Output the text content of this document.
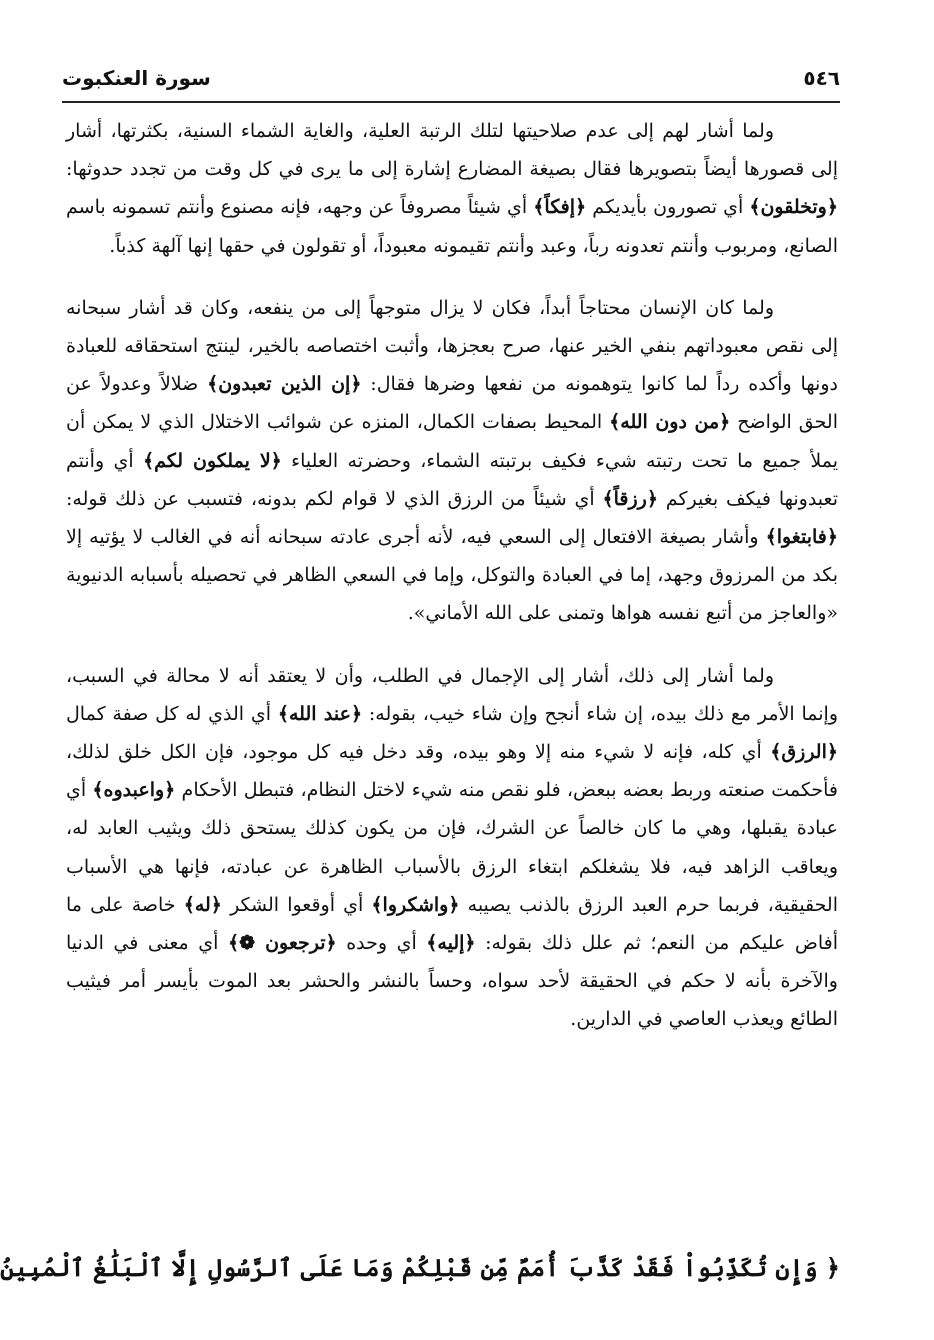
٥٤٦
سورة العنكبوت

ولما أشار لهم إلى عدم صلاحيتها لتلك الرتبة العلية، والغاية الشماء السنية، بكثرتها، أشار إلى قصورها أيضاً بتصويرها فقال بصيغة المضارع إشارة إلى ما يرى في كل وقت من تجدد حدوثها: ﴿وتخلقون﴾ أي تصورون بأيديكم ﴿إفكاً﴾ أي شيئاً مصروفاً عن وجهه، فإنه مصنوع وأنتم تسمونه باسم الصانع، ومربوب وأنتم تعدونه رباً، وعبد وأنتم تقيمونه معبوداً، أو تقولون في حقها إنها آلهة كذباً.

ولما كان الإنسان محتاجاً أبداً، فكان لا يزال متوجهاً إلى من ينفعه، وكان قد أشار سبحانه إلى نقص معبوداتهم بنفي الخير عنها، صرح بعجزها، وأثبت اختصاصه بالخير، لينتج استحقاقه للعبادة دونها وأكده رداً لما كانوا يتوهمونه من نفعها وضرها فقال: ﴿إن الذين تعبدون﴾ ضلالاً وعدولاً عن الحق الواضح ﴿من دون الله﴾ المحيط بصفات الكمال، المنزه عن شوائب الاختلال الذي لا يمكن أن يملأ جميع ما تحت رتبته شيء فكيف برتبته الشماء، وحضرته العلياء ﴿لا يملكون لكم﴾ أي وأنتم تعبدونها فيكف بغيركم ﴿رزقاً﴾ أي شيئاً من الرزق الذي لا قوام لكم بدونه، فتسبب عن ذلك قوله: ﴿فابتغوا﴾ وأشار بصيغة الافتعال إلى السعي فيه، لأنه أجرى عادته سبحانه أنه في الغالب لا يؤتيه إلا بكد من المرزوق وجهد، إما في العبادة والتوكل، وإما في السعي الظاهر في تحصيله بأسبابه الدنيوية «والعاجز من أتبع نفسه هواها وتمنى على الله الأماني».

ولما أشار إلى ذلك، أشار إلى الإجمال في الطلب، وأن لا يعتقد أنه لا محالة في السبب، وإنما الأمر مع ذلك بيده، إن شاء أنجح وإن شاء خيب، بقوله: ﴿عند الله﴾ أي الذي له كل صفة كمال ﴿الرزق﴾ أي كله، فإنه لا شيء منه إلا وهو بيده، وقد دخل فيه كل موجود، فإن الكل خلق لذلك، فأحكمت صنعته وربط بعضه ببعض، فلو نقص منه شيء لاختل النظام، فتبطل الأحكام ﴿واعبدوه﴾ أي عبادة يقبلها، وهي ما كان خالصاً عن الشرك، فإن من يكون كذلك يستحق ذلك ويثيب العابد له، ويعاقب الزاهد فيه، فلا يشغلكم ابتغاء الرزق بالأسباب الظاهرة عن عبادته، فإنها هي الأسباب الحقيقية، فربما حرم العبد الرزق بالذنب يصيبه ﴿واشكروا﴾ أي أوقعوا الشكر ﴿له﴾ خاصة على ما أفاض عليكم من النعم؛ ثم علل ذلك بقوله: ﴿إليه﴾ أي وحده ﴿ترجعون ❁﴾ أي معنى في الدنيا والآخرة بأنه لا حكم في الحقيقة لأحد سواه، وحساً بالنشر والحشر بعد الموت بأيسر أمر فيثيب الطائع ويعذب العاصي في الدارين.

﴿ وَإِن تُكَذِّبُواْ فَقَدْ كَذَّبَ أُمَمٌ مِّن قَبْلِكُمْ وَمَا عَلَى ٱلرَّسُولِ إِلَّا ٱلْبَلَٰغُ ٱلْمُبِينُ
